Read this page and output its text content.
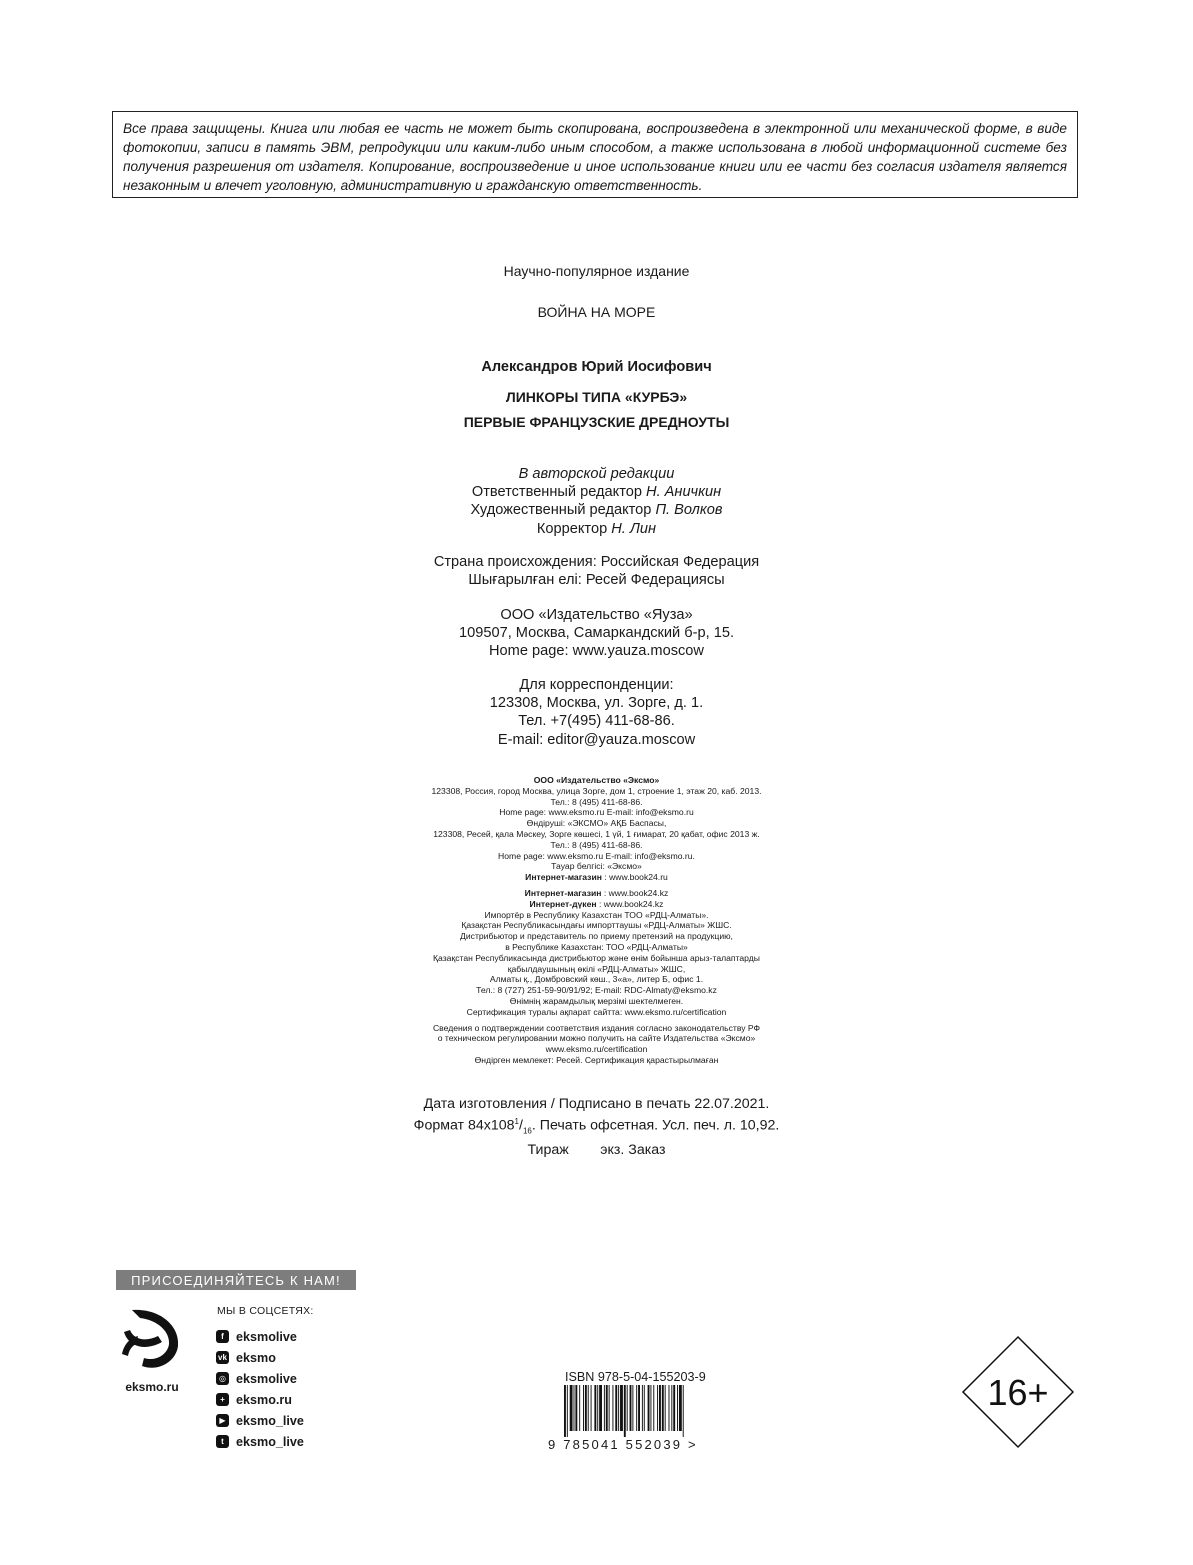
Все права защищены. Книга или любая ее часть не может быть скопирована, воспроизведена в электронной или механической форме, в виде фотокопии, записи в память ЭВМ, репродукции или каким-либо иным способом, а также использована в любой информационной системе без получения разрешения от издателя. Копирование, воспроизведение и иное использование книги или ее части без согласия издателя является незаконным и влечет уголовную, административную и гражданскую ответственность.
Научно-популярное издание
ВОЙНА НА МОРЕ
Александров Юрий Иосифович
ЛИНКОРЫ ТИПА «КУРБЭ»
ПЕРВЫЕ ФРАНЦУЗСКИЕ ДРЕДНОУТЫ
В авторской редакции
Ответственный редактор Н. Аничкин
Художественный редактор П. Волков
Корректор Н. Лин
Страна происхождения: Российская Федерация
Шығарылған елі: Ресей Федерациясы
ООО «Издательство «Яуза»
109507, Москва, Самаркандский б-р, 15.
Home page: www.yauza.moscow
Для корреспонденции:
123308, Москва, ул. Зорге, д. 1.
Тел. +7(495) 411-68-86.
E-mail: editor@yauza.moscow
ООО «Издательство «Эксмо»
123308, Россия, город Москва, улица Зорге, дом 1, строение 1, этаж 20, каб. 2013.
Тел.: 8 (495) 411-68-86.
Home page: www.eksmo.ru E-mail: info@eksmo.ru
Өндіруші: «ЭКСМО» АҚБ Баспасы,
123308, Ресей, қала Мәскеу, Зорге көшесі, 1 үй, 1 ғимарат, 20 қабат, офис 2013 ж.
Тел.: 8 (495) 411-68-86.
Home page: www.eksmo.ru E-mail: info@eksmo.ru.
Тауар белгісі: «Эксмо»
Интернет-магазин : www.book24.ru
Интернет-магазин : www.book24.kz
Интернет-дүкен : www.book24.kz
Импортёр в Республику Казахстан ТОО «РДЦ-Алматы».
Қазақстан Республикасындағы импорттаушы «РДЦ-Алматы» ЖШС.
Дистрибьютор и представитель по приему претензий на продукцию,
в Республике Казахстан: ТОО «РДЦ-Алматы»
Қазақстан Республикасында дистрибьютор және өнім бойынша арыз-талаптарды
қабылдаушының өкілі «РДЦ-Алматы» ЖШС,
Алматы қ., Домбровский көш., 3«а», литер Б, офис 1.
Тел.: 8 (727) 251-59-90/91/92; E-mail: RDC-Almaty@eksmo.kz
Өнімнің жарамдылық мерзімі шектелмеген.
Сертификация туралы ақпарат сайтта: www.eksmo.ru/certification
Сведения о подтверждении соответствия издания согласно законодательству РФ
о техническом регулировании можно получить на сайте Издательства «Эксмо»
www.eksmo.ru/certification
Өндірген мемлекет: Ресей. Сертификация қарастырылмаған
Дата изготовления / Подписано в печать 22.07.2021.
Формат $84x108^1/_{16}$. Печать офсетная. Усл. печ. л. 10,92.
Тираж        экз. Заказ
ПРИСОЕДИНЯЙТЕСЬ К НАМ!
eksmo.ru
МЫ В СОЦСЕТЯХ:
f eksmolive
vk eksmo
◎ eksmolive
+ eksmo.ru
▶ eksmo_live
t eksmo_live
ISBN 978-5-04-155203-9
9 785041 552039 >
16+
